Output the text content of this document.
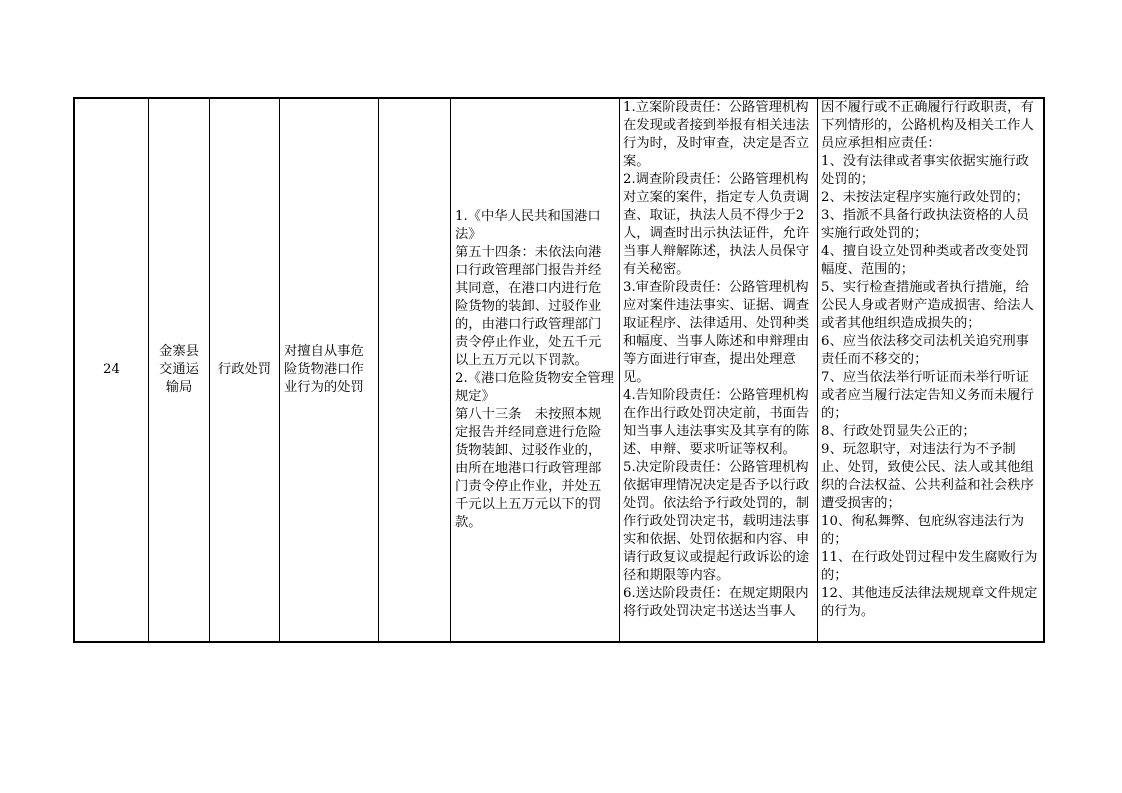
24
金寨县交通运输局
行政处罚
对擅自从事危险货物港口作业行为的处罚
1.《中华人民共和国港口法》
第五十四条：未依法向港口行政管理部门报告并经其同意，在港口内进行危险货物的装卸、过驳作业的，由港口行政管理部门责令停止作业，处五千元以上五万元以下罚款。
2.《港口危险货物安全管理规定》
第八十三条　未按照本规定报告并经同意进行危险货物装卸、过驳作业的，由所在地港口行政管理部门责令停止作业，并处五千元以上五万元以下的罚款。
1.立案阶段责任：公路管理机构在发现或者接到举报有相关违法行为时，及时审查，决定是否立案。
2.调查阶段责任：公路管理机构对立案的案件，指定专人负责调查、取证，执法人员不得少于2人，调查时出示执法证件，允许当事人辩解陈述，执法人员保守有关秘密。
3.审查阶段责任：公路管理机构应对案件违法事实、证据、调查取证程序、法律适用、处罚种类和幅度、当事人陈述和申辩理由等方面进行审查，提出处理意见。
4.告知阶段责任：公路管理机构在作出行政处罚决定前，书面告知当事人违法事实及其享有的陈述、申辩、要求听证等权利。
5.决定阶段责任：公路管理机构依据审理情况决定是否予以行政处罚。依法给予行政处罚的，制作行政处罚决定书，载明违法事实和依据、处罚依据和内容、申请行政复议或提起行政诉讼的途径和期限等内容。
6.送达阶段责任：在规定期限内将行政处罚决定书送达当事人
因不履行或不正确履行行政职责，有下列情形的，公路机构及相关工作人员应承担相应责任：
1、没有法律或者事实依据实施行政处罚的；
2、未按法定程序实施行政处罚的；
3、指派不具备行政执法资格的人员实施行政处罚的；
4、擅自设立处罚种类或者改变处罚幅度、范围的；
5、实行检查措施或者执行措施，给公民人身或者财产造成损害、给法人或者其他组织造成损失的；
6、应当依法移交司法机关追究刑事责任而不移交的；
7、应当依法举行听证而未举行听证或者应当履行法定告知义务而未履行的；
8、行政处罚显失公正的；
9、玩忽职守，对违法行为不予制止、处罚，致使公民、法人或其他组织的合法权益、公共利益和社会秩序遭受损害的；
10、徇私舞弊、包庇纵容违法行为的；
11、在行政处罚过程中发生腐败行为的；
12、其他违反法律法规规章文件规定的行为。
